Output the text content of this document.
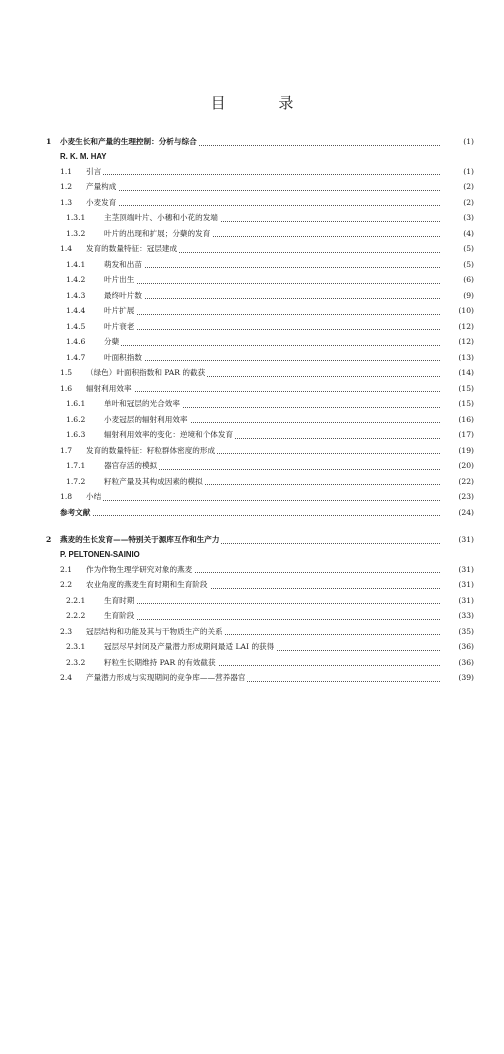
目 录
1 小麦生长和产量的生理控制：分析与综合	(1)
R. K. M. HAY
1.1 引言	(1)
1.2 产量构成	(2)
1.3 小麦发育	(2)
1.3.1 主茎顶端叶片、小穗和小花的发端	(3)
1.3.2 叶片的出现和扩展；分蘖的发育	(4)
1.4 发育的数量特征：冠层建成	(5)
1.4.1 萌发和出苗	(5)
1.4.2 叶片出生	(6)
1.4.3 最终叶片数	(9)
1.4.4 叶片扩展	(10)
1.4.5 叶片衰老	(12)
1.4.6 分蘖	(12)
1.4.7 叶面积指数	(13)
1.5 （绿色）叶面积指数和 PAR 的截获	(14)
1.6 辐射利用效率	(15)
1.6.1 单叶和冠层的光合效率	(15)
1.6.2 小麦冠层的辐射利用效率	(16)
1.6.3 辐射利用效率的变化：逆境和个体发育	(17)
1.7 发育的数量特征：籽粒群体密度的形成	(19)
1.7.1 器官存活的模拟	(20)
1.7.2 籽粒产量及其构成因素的模拟	(22)
1.8 小结	(23)
参考文献	(24)
2 燕麦的生长发育——特别关于源库互作和生产力	(31)
P. PELTONEN-SAINIO
2.1 作为作物生理学研究对象的燕麦	(31)
2.2 农业角度的燕麦生育时期和生育阶段	(31)
2.2.1 生育时期	(31)
2.2.2 生育阶段	(33)
2.3 冠层结构和功能及其与干物质生产的关系	(35)
2.3.1 冠层尽早封闭及产量潜力形成期间最适 LAI 的获得	(36)
2.3.2 籽粒生长期维持 PAR 的有效截获	(36)
2.4 产量潜力形成与实现期间的竞争库——营养器官	(39)
